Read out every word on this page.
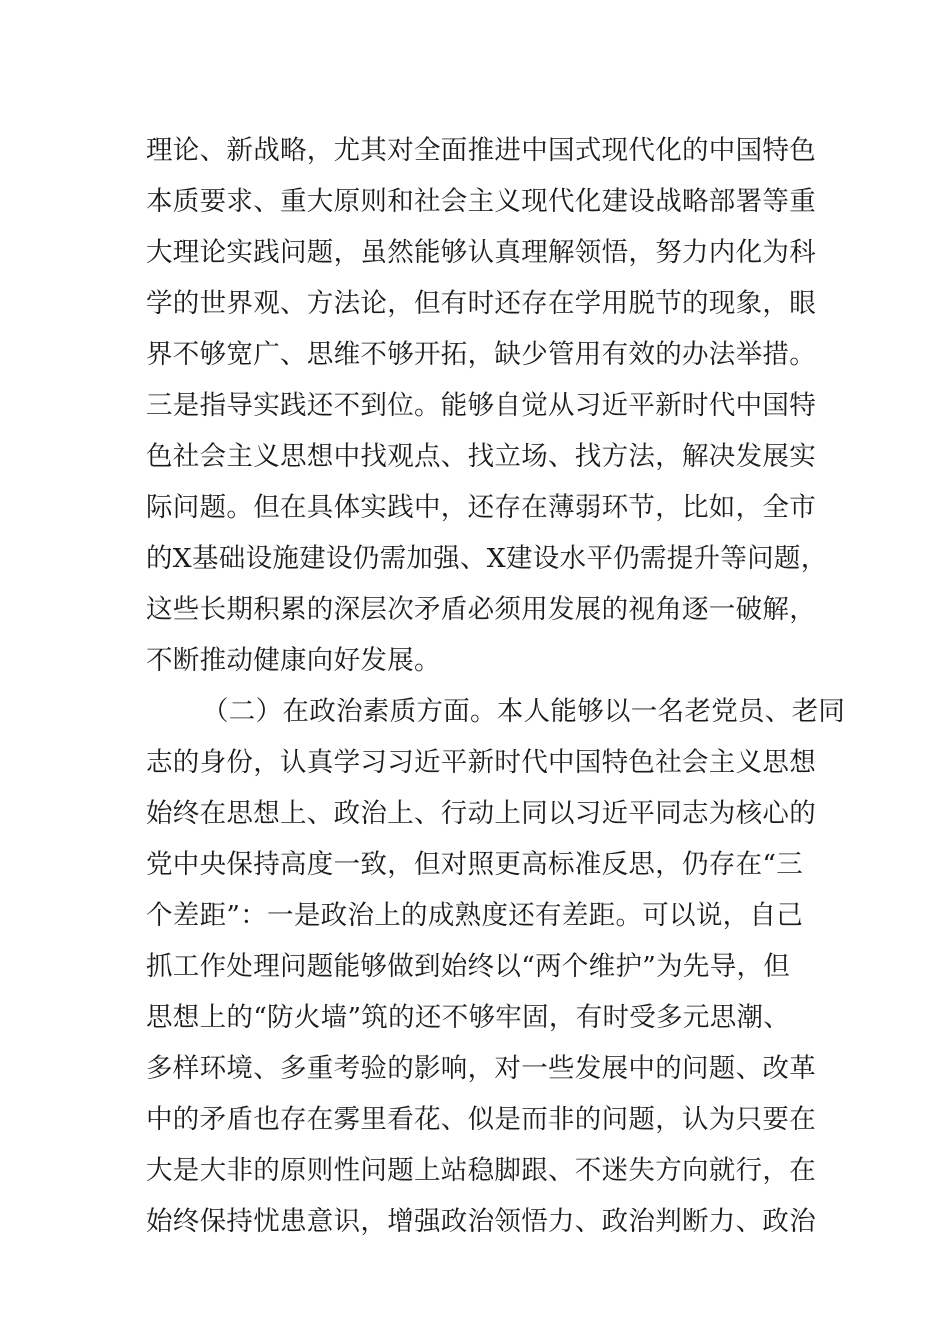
理论、新战略，尤其对全面推进中国式现代化的中国特色
本质要求、重大原则和社会主义现代化建设战略部署等重
大理论实践问题，虽然能够认真理解领悟，努力内化为科
学的世界观、方法论，但有时还存在学用脱节的现象，眼
界不够宽广、思维不够开拓，缺少管用有效的办法举措。
三是指导实践还不到位。能够自觉从习近平新时代中国特
色社会主义思想中找观点、找立场、找方法，解决发展实
际问题。但在具体实践中，还存在薄弱环节，比如，全市
的X基础设施建设仍需加强、X建设水平仍需提升等问题，
这些长期积累的深层次矛盾必须用发展的视角逐一破解，
不断推动健康向好发展。
（二）在政治素质方面。本人能够以一名老党员、老同
志的身份，认真学习习近平新时代中国特色社会主义思想
始终在思想上、政治上、行动上同以习近平同志为核心的
党中央保持高度一致，但对照更高标准反思，仍存在“三
个差距”：一是政治上的成熟度还有差距。可以说，自己
抓工作处理问题能够做到始终以“两个维护”为先导，但
思想上的“防火墙”筑的还不够牢固，有时受多元思潮、
多样环境、多重考验的影响，对一些发展中的问题、改革
中的矛盾也存在雾里看花、似是而非的问题，认为只要在
大是大非的原则性问题上站稳脚跟、不迷失方向就行，在
始终保持忧患意识，增强政治领悟力、政治判断力、政治
